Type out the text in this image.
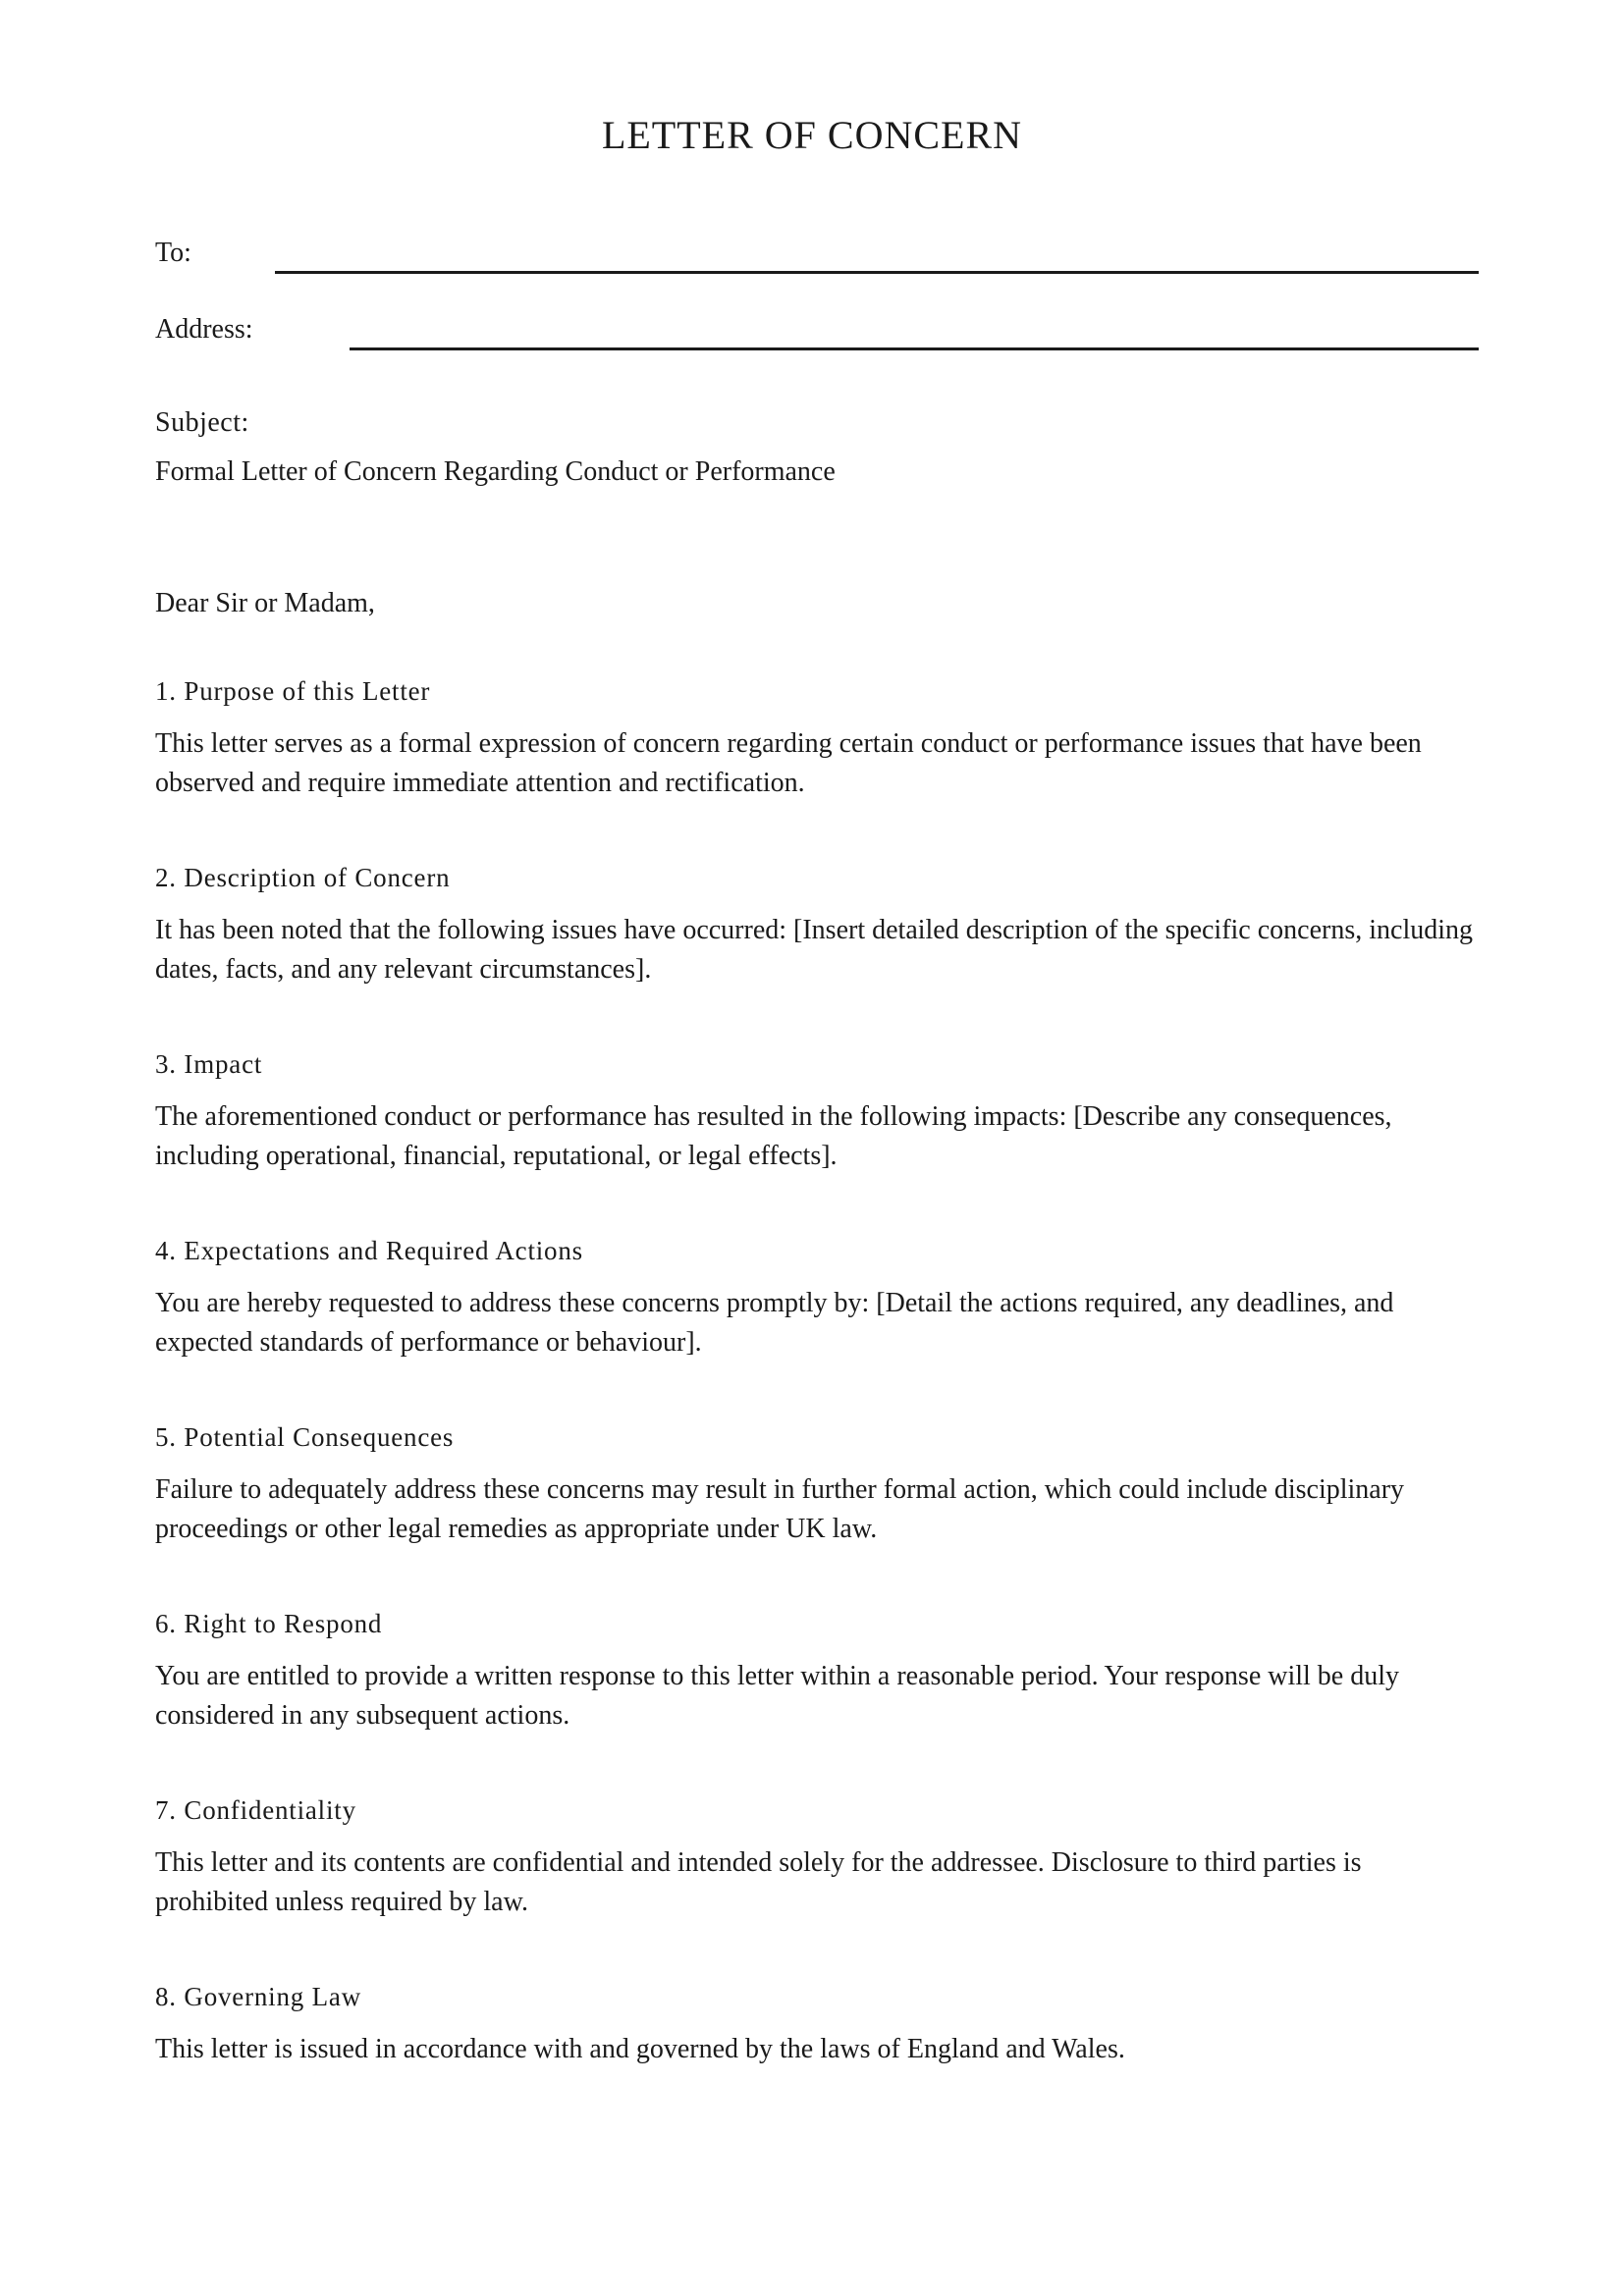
LETTER OF CONCERN
To:
Address:
Subject:
Formal Letter of Concern Regarding Conduct or Performance
Dear Sir or Madam,

1. Purpose of this Letter

This letter serves as a formal expression of concern regarding certain conduct or performance issues that have been observed and require immediate attention and rectification.

2. Description of Concern

It has been noted that the following issues have occurred: [Insert detailed description of the specific concerns, including dates, facts, and any relevant circumstances].

3. Impact

The aforementioned conduct or performance has resulted in the following impacts: [Describe any consequences, including operational, financial, reputational, or legal effects].

4. Expectations and Required Actions

You are hereby requested to address these concerns promptly by: [Detail the actions required, any deadlines, and expected standards of performance or behaviour].

5. Potential Consequences

Failure to adequately address these concerns may result in further formal action, which could include disciplinary proceedings or other legal remedies as appropriate under UK law.

6. Right to Respond

You are entitled to provide a written response to this letter within a reasonable period. Your response will be duly considered in any subsequent actions.

7. Confidentiality

This letter and its contents are confidential and intended solely for the addressee. Disclosure to third parties is prohibited unless required by law.

8. Governing Law

This letter is issued in accordance with and governed by the laws of England and Wales.
